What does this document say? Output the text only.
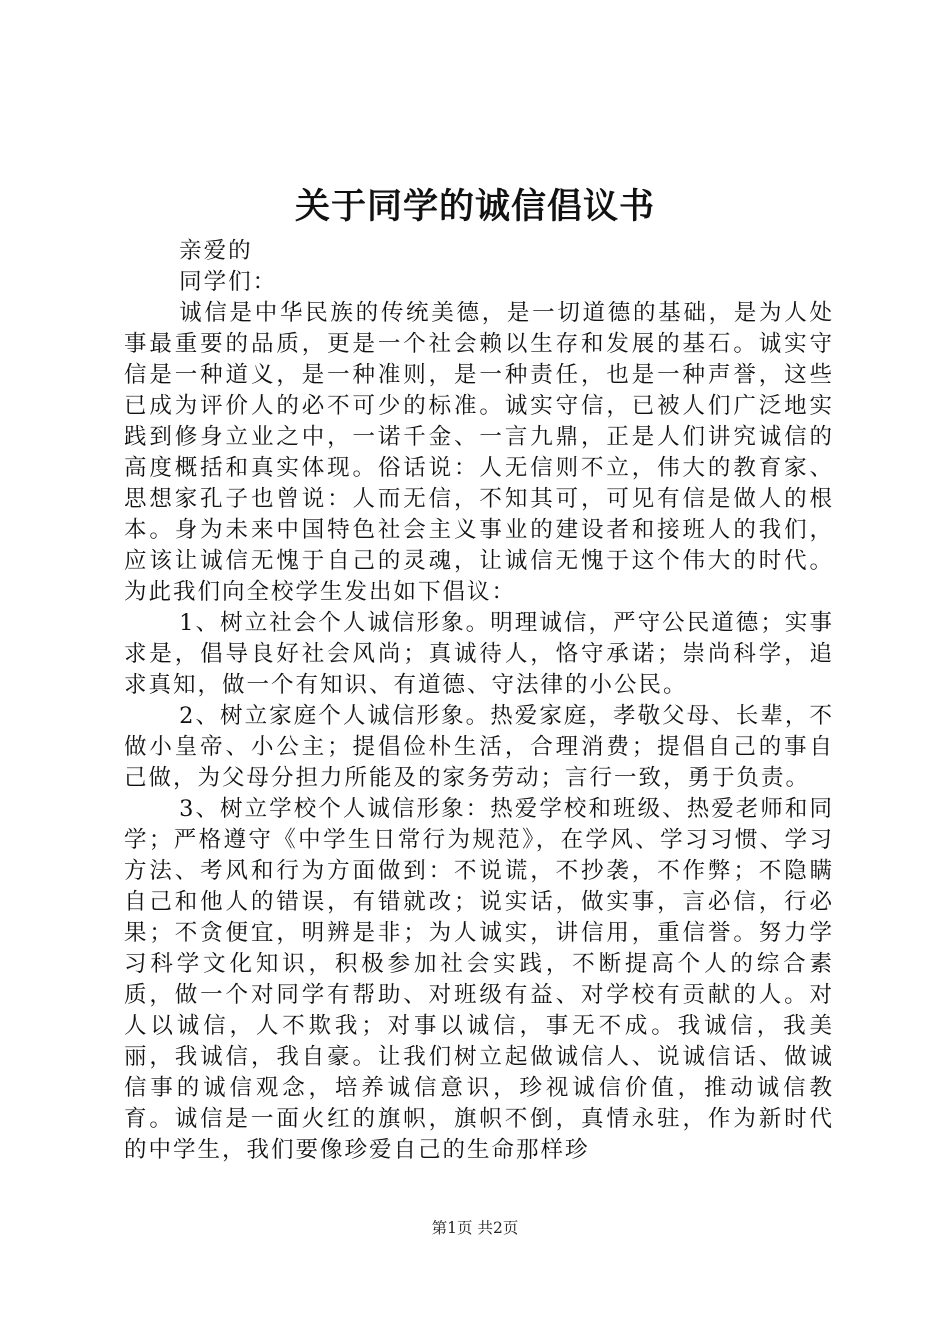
关于同学的诚信倡议书

亲爱的

同学们：

诚信是中华民族的传统美德，是一切道德的基础，是为人处事最重要的品质，更是一个社会赖以生存和发展的基石。诚实守信是一种道义，是一种准则，是一种责任，也是一种声誉，这些已成为评价人的必不可少的标准。诚实守信，已被人们广泛地实践到修身立业之中，一诺千金、一言九鼎，正是人们讲究诚信的高度概括和真实体现。俗话说：人无信则不立，伟大的教育家、思想家孔子也曾说：人而无信，不知其可，可见有信是做人的根本。身为未来中国特色社会主义事业的建设者和接班人的我们，应该让诚信无愧于自己的灵魂，让诚信无愧于这个伟大的时代。为此我们向全校学生发出如下倡议：

1、树立社会个人诚信形象。明理诚信，严守公民道德；实事求是，倡导良好社会风尚；真诚待人，恪守承诺；崇尚科学，追求真知，做一个有知识、有道德、守法律的小公民。

2、树立家庭个人诚信形象。热爱家庭，孝敬父母、长辈，不做小皇帝、小公主；提倡俭朴生活，合理消费；提倡自己的事自己做，为父母分担力所能及的家务劳动；言行一致，勇于负责。

3、树立学校个人诚信形象：热爱学校和班级、热爱老师和同学；严格遵守《中学生日常行为规范》，在学风、学习习惯、学习方法、考风和行为方面做到：不说谎，不抄袭，不作弊；不隐瞒自己和他人的错误，有错就改；说实话，做实事，言必信，行必果；不贪便宜，明辨是非；为人诚实，讲信用，重信誉。努力学习科学文化知识，积极参加社会实践，不断提高个人的综合素质，做一个对同学有帮助、对班级有益、对学校有贡献的人。对人以诚信，人不欺我；对事以诚信，事无不成。我诚信，我美丽，我诚信，我自豪。让我们树立起做诚信人、说诚信话、做诚信事的诚信观念，培养诚信意识，珍视诚信价值，推动诚信教育。诚信是一面火红的旗帜，旗帜不倒，真情永驻，作为新时代的中学生，我们要像珍爱自己的生命那样珍

第1页 共2页
